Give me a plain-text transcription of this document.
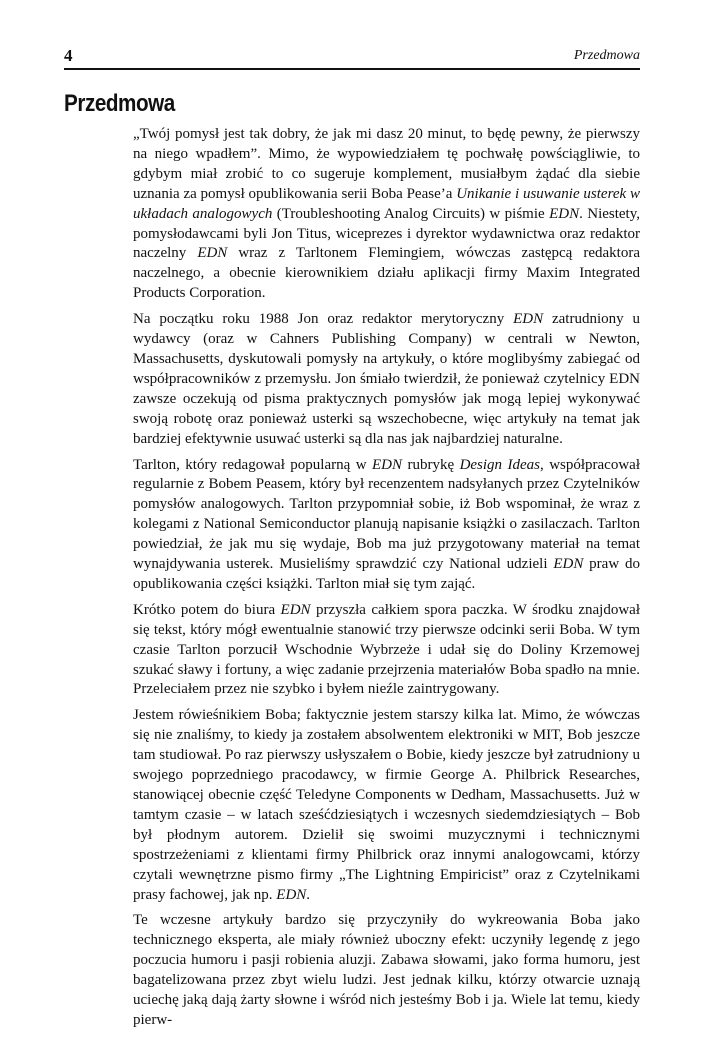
4	Przedmowa
Przedmowa

„Twój pomysł jest tak dobry, że jak mi dasz 20 minut, to będę pewny, że pierwszy na niego wpadłem”. Mimo, że wypowiedziałem tę pochwałę powściągliwie, to gdybym miał zrobić to co sugeruje komplement, musiałbym żądać dla siebie uznania za pomysł opublikowania serii Boba Pease’a Unikanie i usuwanie usterek w układach analogowych (Troubleshooting Analog Circuits) w piśmie EDN. Niestety, pomysłodawcami byli Jon Titus, wiceprezes i dyrektor wydawnictwa oraz redaktor naczelny EDN wraz z Tarltonem Flemingiem, wówczas zastępcą redaktora naczelnego, a obecnie kierownikiem działu aplikacji firmy Maxim Integrated Products Corporation.

Na początku roku 1988 Jon oraz redaktor merytoryczny EDN zatrudniony u wydawcy (oraz w Cahners Publishing Company) w centrali w Newton, Massachusetts, dyskutowali pomysły na artykuły, o które moglibyśmy zabiegać od współpracowników z przemysłu. Jon śmiało twierdził, że ponieważ czytelnicy EDN zawsze oczekują od pisma praktycznych pomysłów jak mogą lepiej wykonywać swoją robotę oraz ponieważ usterki są wszechobecne, więc artykuły na temat jak bardziej efektywnie usuwać usterki są dla nas jak najbardziej naturalne.

Tarlton, który redagował popularną w EDN rubrykę Design Ideas, współpracował regularnie z Bobem Peasem, który był recenzentem nadsyłanych przez Czytelników pomysłów analogowych. Tarlton przypomniał sobie, iż Bob wspominał, że wraz z kolegami z National Semiconductor planują napisanie książki o zasilaczach. Tarlton powiedział, że jak mu się wydaje, Bob ma już przygotowany materiał na temat wynajdywania usterek. Musieliśmy sprawdzić czy National udzieli EDN praw do opublikowania części książki. Tarlton miał się tym zająć.

Krótko potem do biura EDN przyszła całkiem spora paczka. W środku znajdował się tekst, który mógł ewentualnie stanowić trzy pierwsze odcinki serii Boba. W tym czasie Tarlton porzucił Wschodnie Wybrzeże i udał się do Doliny Krzemowej szukać sławy i fortuny, a więc zadanie przejrzenia materiałów Boba spadło na mnie. Przeleciałem przez nie szybko i byłem nieźle zaintrygowany.

Jestem rówieśnikiem Boba; faktycznie jestem starszy kilka lat. Mimo, że wówczas się nie znaliśmy, to kiedy ja zostałem absolwentem elektroniki w MIT, Bob jeszcze tam studiował. Po raz pierwszy usłyszałem o Bobie, kiedy jeszcze był zatrudniony u swojego poprzedniego pracodawcy, w firmie George A. Philbrick Researches, stanowiącej obecnie część Teledyne Components w Dedham, Massachusetts. Już w tamtym czasie – w latach sześćdziesiątych i wczesnych siedemdziesiątych – Bob był płodnym autorem. Dzielił się swoimi muzycznymi i technicznymi spostrzeżeniami z klientami firmy Philbrick oraz innymi analogowcami, którzy czytali wewnętrzne pismo firmy „The Lightning Empiricist” oraz z Czytelnikami prasy fachowej, jak np. EDN.

Te wczesne artykuły bardzo się przyczyniły do wykreowania Boba jako technicznego eksperta, ale miały również uboczny efekt: uczyniły legendę z jego poczucia humoru i pasji robienia aluzji. Zabawa słowami, jako forma humoru, jest bagatelizowana przez zbyt wielu ludzi. Jest jednak kilku, którzy otwarcie uznają uciechę jaką dają żarty słowne i wśród nich jesteśmy Bob i ja. Wiele lat temu, kiedy pierw-
